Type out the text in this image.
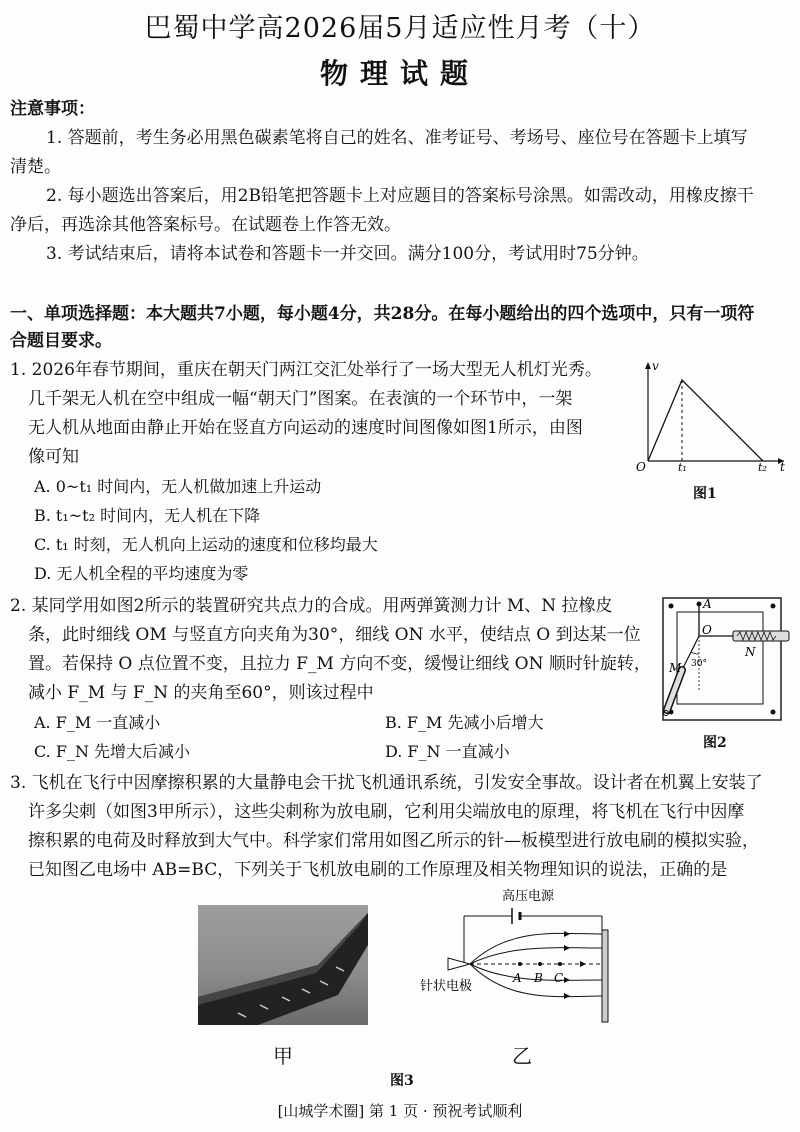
巴蜀中学高2026届5月适应性月考（十）
物理试题
注意事项：
1. 答题前，考生务必用黑色碳素笔将自己的姓名、准考证号、考场号、座位号在答题卡上填写
清楚。
2. 每小题选出答案后，用2B铅笔把答题卡上对应题目的答案标号涂黑。如需改动，用橡皮擦干
净后，再选涂其他答案标号。在试题卷上作答无效。
3. 考试结束后，请将本试卷和答题卡一并交回。满分100分，考试用时75分钟。
一、单项选择题：本大题共7小题，每小题4分，共28分。在每小题给出的四个选项中，只有一项符
合题目要求。
1. 2026年春节期间，重庆在朝天门两江交汇处举行了一场大型无人机灯光秀。
几千架无人机在空中组成一幅“朝天门”图案。在表演的一个环节中，一架
无人机从地面由静止开始在竖直方向运动的速度时间图像如图1所示，由图
像可知
A. 0~t₁ 时间内，无人机做加速上升运动
B. t₁~t₂ 时间内，无人机在下降
C. t₁ 时刻，无人机向上运动的速度和位移均最大
D. 无人机全程的平均速度为零
v
O	t₁	t₂ t
图1
2. 某同学用如图2所示的装置研究共点力的合成。用两弹簧测力计 M、N 拉橡皮
条，此时细线 OM 与竖直方向夹角为30°，细线 ON 水平，使结点 O 到达某一位
置。若保持 O 点位置不变，且拉力 F_M 方向不变，缓慢让细线 ON 顺时针旋转，
减小 F_M 与 F_N 的夹角至60°，则该过程中
A. F_M 一直减小	B. F_M 先减小后增大
C. F_N 先增大后减小	D. F_N 一直减小
A
O
N
M 30°
图2
3. 飞机在飞行中因摩擦积累的大量静电会干扰飞机通讯系统，引发安全事故。设计者在机翼上安装了
许多尖刺（如图3甲所示），这些尖刺称为放电刷，它利用尖端放电的原理，将飞机在飞行中因摩
擦积累的电荷及时释放到大气中。科学家们常用如图乙所示的针—板模型进行放电刷的模拟实验，
已知图乙电场中 AB=BC，下列关于飞机放电刷的工作原理及相关物理知识的说法，正确的是
甲
高压电源
A B C
针状电极
乙
图3
[山城学术圈] 第 1 页 · 预祝考试顺利
